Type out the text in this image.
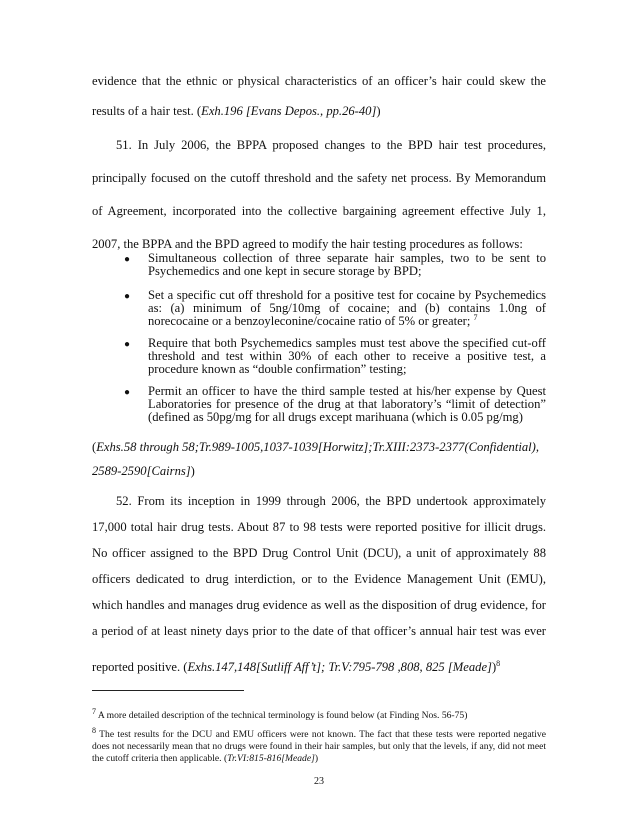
evidence that the ethnic or physical characteristics of an officer’s hair could skew the
results of a hair test. (Exh.196 [Evans Depos., pp.26-40])
51. In July 2006, the BPPA proposed changes to the BPD hair test procedures,
principally focused on the cutoff threshold and the safety net process. By Memorandum
of Agreement, incorporated into the collective bargaining agreement effective July 1,
2007, the BPPA and the BPD agreed to modify the hair testing procedures as follows:
●	Simultaneous collection of three separate hair samples, two to be sent to Psychemedics and one kept in secure storage by BPD;
●	Set a specific cut off threshold for a positive test for cocaine by Psychemedics as: (a) minimum of 5ng/10mg of cocaine; and (b) contains 1.0ng of norecocaine or a benzoyleconine/cocaine ratio of 5% or greater; $^7$
●	Require that both Psychemedics samples must test above the specified cut-off threshold and test within 30% of each other to receive a positive test, a procedure known as “double confirmation” testing;
●	Permit an officer to have the third sample tested at his/her expense by Quest Laboratories for presence of the drug at that laboratory’s “limit of detection” (defined as 50pg/mg for all drugs except marihuana (which is 0.05 pg/mg)
(Exhs.58 through 58;Tr.989-1005,1037-1039[Horwitz];Tr.XIII:2373-2377(Confidential),
2589-2590[Cairns])
52. From its inception in 1999 through 2006, the BPD undertook approximately
17,000 total hair drug tests. About 87 to 98 tests were reported positive for illicit drugs.
No officer assigned to the BPD Drug Control Unit (DCU), a unit of approximately 88
officers dedicated to drug interdiction, or to the Evidence Management Unit (EMU),
which handles and manages drug evidence as well as the disposition of drug evidence, for
a period of at least ninety days prior to the date of that officer’s annual hair test was ever
$^7$ A more detailed description of the technical terminology is found below (at Finding Nos. 56-75)
$^8$ The test results for the DCU and EMU officers were not known. The fact that these tests were reported negative does not necessarily mean that no drugs were found in their hair samples, but only that the levels, if any, did not meet the cutoff criteria then applicable. (Tr.VI:815-816[Meade])
23
reported positive. (Exhs.147,148[Sutliff Aff’t]; Tr.V:795-798 ,808, 825 [Meade])$^8$
